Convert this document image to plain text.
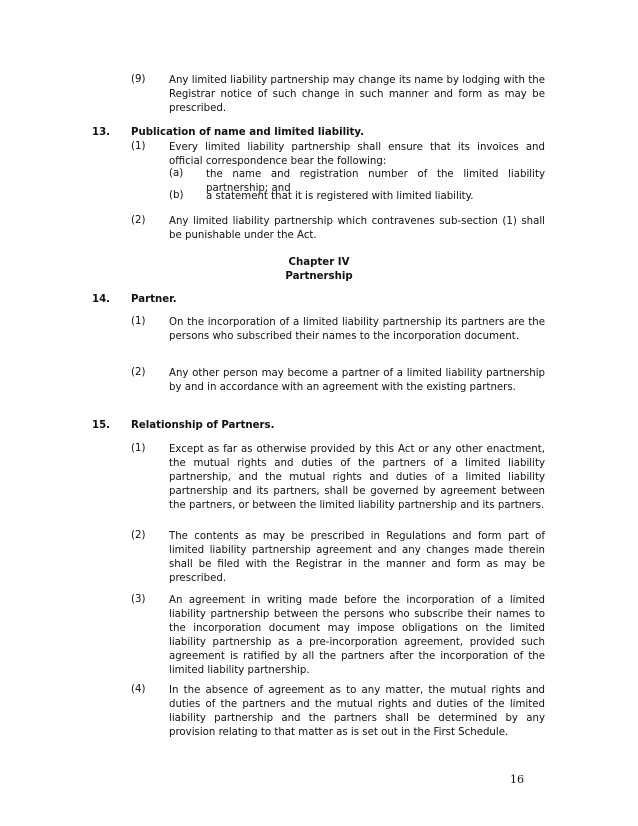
(9) Any limited liability partnership may change its name by lodging with the Registrar notice of such change in such manner and form as may be prescribed.
13. Publication of name and limited liability.
(1) Every limited liability partnership shall ensure that its invoices and official correspondence bear the following:
(a) the name and registration number of the limited liability partnership; and
(b) a statement that it is registered with limited liability.
(2) Any limited liability partnership which contravenes sub-section (1) shall be punishable under the Act.
Chapter IV
Partnership
14. Partner.
(1) On the incorporation of a limited liability partnership its partners are the persons who subscribed their names to the incorporation document.
(2) Any other person may become a partner of a limited liability partnership by and in accordance with an agreement with the existing partners.
15. Relationship of Partners.
(1) Except as far as otherwise provided by this Act or any other enactment, the mutual rights and duties of the partners of a limited liability partnership, and the mutual rights and duties of a limited liability partnership and its partners, shall be governed by agreement between the partners, or between the limited liability partnership and its partners.
(2) The contents as may be prescribed in Regulations and form part of limited liability partnership agreement and any changes made therein shall be filed with the Registrar in the manner and form as may be prescribed.
(3) An agreement in writing made before the incorporation of a limited liability partnership between the persons who subscribe their names to the incorporation document may impose obligations on the limited liability partnership as a pre-incorporation agreement, provided such agreement is ratified by all the partners after the incorporation of the limited liability partnership.
(4) In the absence of agreement as to any matter, the mutual rights and duties of the partners and the mutual rights and duties of the limited liability partnership and the partners shall be determined by any provision relating to that matter as is set out in the First Schedule.
16
